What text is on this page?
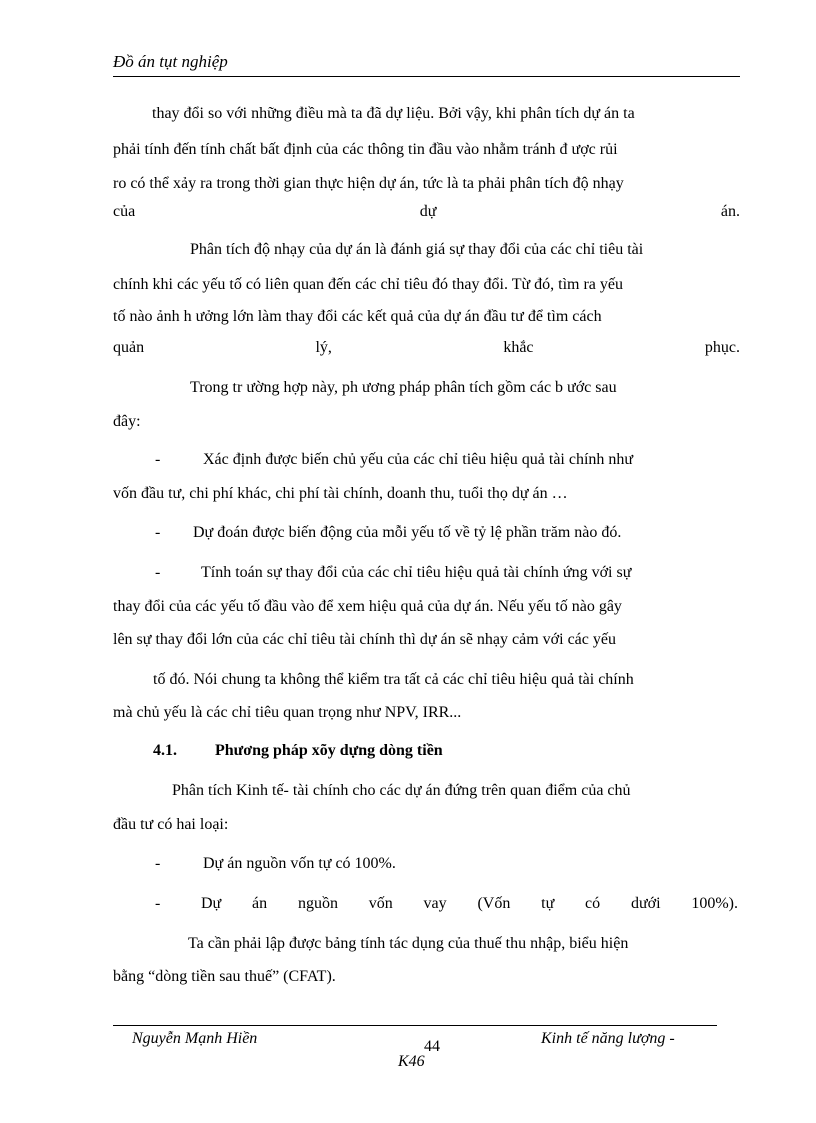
Đồ án tụt nghiệp
thay đổi so với những điều mà ta đã dự liệu. Bởi vậy, khi phân tích dự án ta
phải tính đến tính chất bất định của các thông tin đầu vào nhằm tránh đ ược rủi
ro có thể xảy ra trong thời gian thực hiện dự án, tức là ta phải phân tích độ nhạy
của	dự	án.
Phân tích độ nhạy của dự án là đánh giá sự thay đổi của các chỉ tiêu tài
chính khi các yếu tố có liên quan đến các chỉ tiêu đó thay đổi. Từ đó, tìm ra yếu
tố nào ảnh h ưởng lớn làm thay đổi các kết quả của dự án đầu tư để tìm cách
quản	lý,	khắc	phục.
Trong tr ường hợp này, ph ương pháp phân tích gồm các b ước sau
đây:
-	Xác định được biến chủ yếu của các chỉ tiêu hiệu quả tài chính như
vốn đầu tư, chi phí khác, chi phí tài chính, doanh thu, tuổi thọ dự án …
-	Dự đoán được biến động của mỗi yếu tố về tỷ lệ phần trăm nào đó.
-	Tính toán sự thay đổi của các chỉ tiêu hiệu quả tài chính ứng với sự
thay đổi của các yếu tố đầu vào để xem hiệu quả của dự án. Nếu yếu tố nào gây
lên sự thay đổi lớn của các chỉ tiêu tài chính thì dự án sẽ nhạy cảm với các yếu
tố đó. Nói chung ta không thể kiểm tra tất cả các chỉ tiêu hiệu quả tài chính
mà chủ yếu là các chỉ tiêu quan trọng như NPV, IRR...
4.1.	Phương pháp xõy dựng dòng tiền
Phân tích Kinh tế- tài chính cho các dự án đứng trên quan điểm của chủ
đầu tư có hai loại:
-	Dự án nguồn vốn tự có 100%.
-	Dự án nguồn vốn vay (Vốn tự có dưới 100%).
Ta cần phải lập được bảng tính tác dụng của thuế thu nhập, biểu hiện
bằng “dòng tiền sau thuế” (CFAT).
Nguyễn Mạnh Hiền	44	Kinh tế năng lượng -
K46
